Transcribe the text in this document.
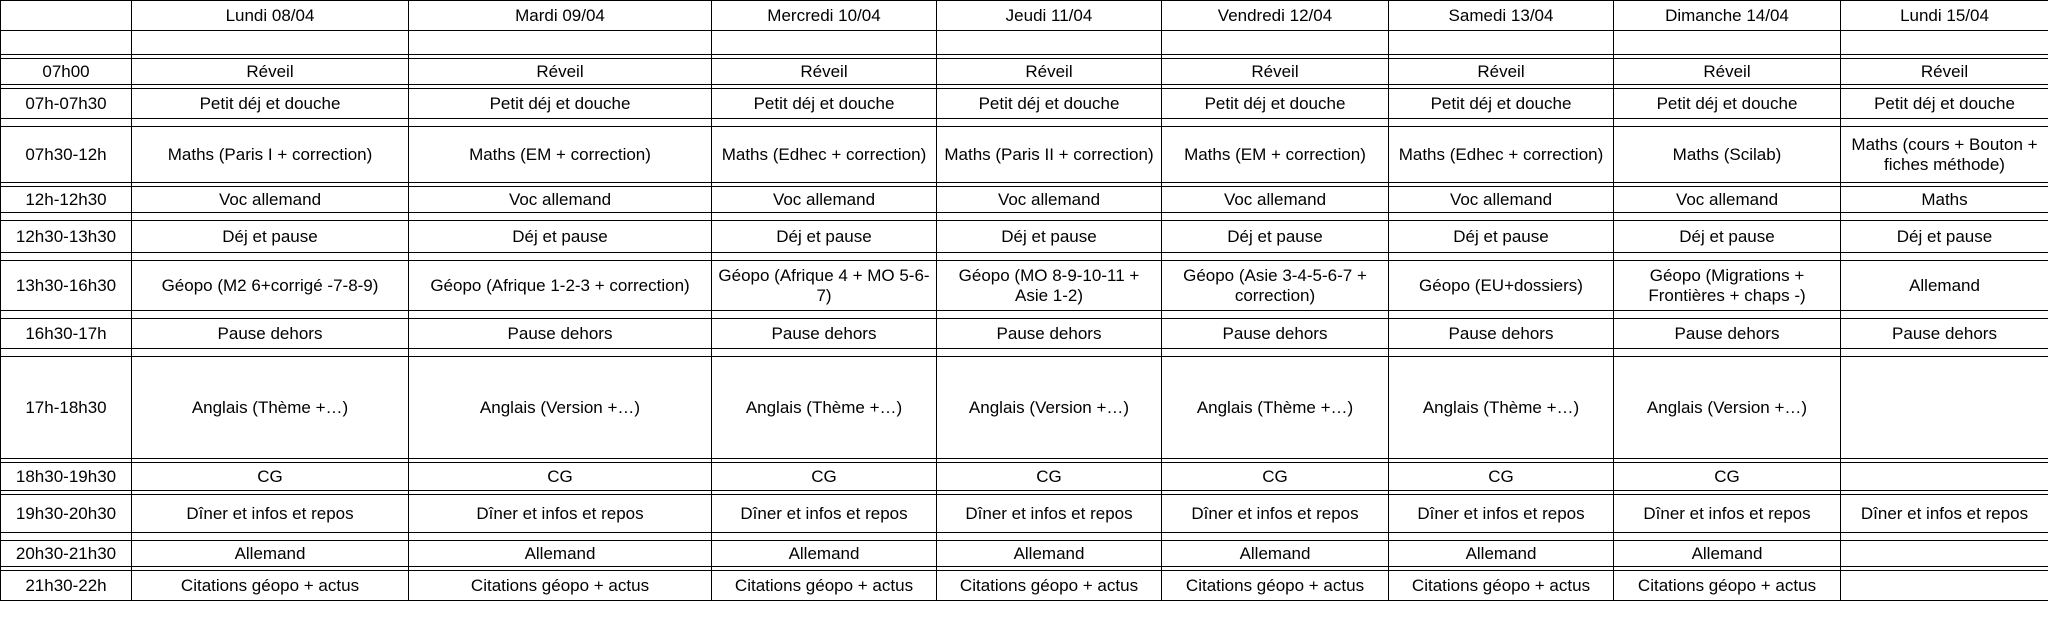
	Lundi 08/04	Mardi 09/04	Mercredi 10/04	Jeudi 11/04	Vendredi 12/04	Samedi 13/04	Dimanche 14/04	Lundi 15/04

07h00	Réveil	Réveil	Réveil	Réveil	Réveil	Réveil	Réveil	Réveil

07h-07h30	Petit déj et douche	Petit déj et douche	Petit déj et douche	Petit déj et douche	Petit déj et douche	Petit déj et douche	Petit déj et douche	Petit déj et douche

07h30-12h	Maths (Paris I + correction)	Maths (EM + correction)	Maths (Edhec + correction)	Maths (Paris II + correction)	Maths (EM + correction)	Maths (Edhec + correction)	Maths (Scilab)	Maths (cours + Bouton + fiches méthode)

12h-12h30	Voc allemand	Voc allemand	Voc allemand	Voc allemand	Voc allemand	Voc allemand	Voc allemand	Maths

12h30-13h30	Déj et pause	Déj et pause	Déj et pause	Déj et pause	Déj et pause	Déj et pause	Déj et pause	Déj et pause

13h30-16h30	Géopo (M2 6+corrigé -7-8-9)	Géopo (Afrique 1-2-3 + correction)	Géopo (Afrique 4 + MO 5-6-7)	Géopo (MO 8-9-10-11 + Asie 1-2)	Géopo (Asie 3-4-5-6-7 + correction)	Géopo (EU+dossiers)	Géopo (Migrations + Frontières + chaps -)	Allemand

16h30-17h	Pause dehors	Pause dehors	Pause dehors	Pause dehors	Pause dehors	Pause dehors	Pause dehors	Pause dehors

17h-18h30	Anglais (Thème +…)	Anglais (Version +…)	Anglais (Thème +…)	Anglais (Version +…)	Anglais (Thème +…)	Anglais (Thème +…)	Anglais (Version +…)	

18h30-19h30	CG	CG	CG	CG	CG	CG	CG	

19h30-20h30	Dîner et infos et repos	Dîner et infos et repos	Dîner et infos et repos	Dîner et infos et repos	Dîner et infos et repos	Dîner et infos et repos	Dîner et infos et repos	Dîner et infos et repos

20h30-21h30	Allemand	Allemand	Allemand	Allemand	Allemand	Allemand	Allemand	

21h30-22h	Citations géopo + actus	Citations géopo + actus	Citations géopo + actus	Citations géopo + actus	Citations géopo + actus	Citations géopo + actus	Citations géopo + actus	
